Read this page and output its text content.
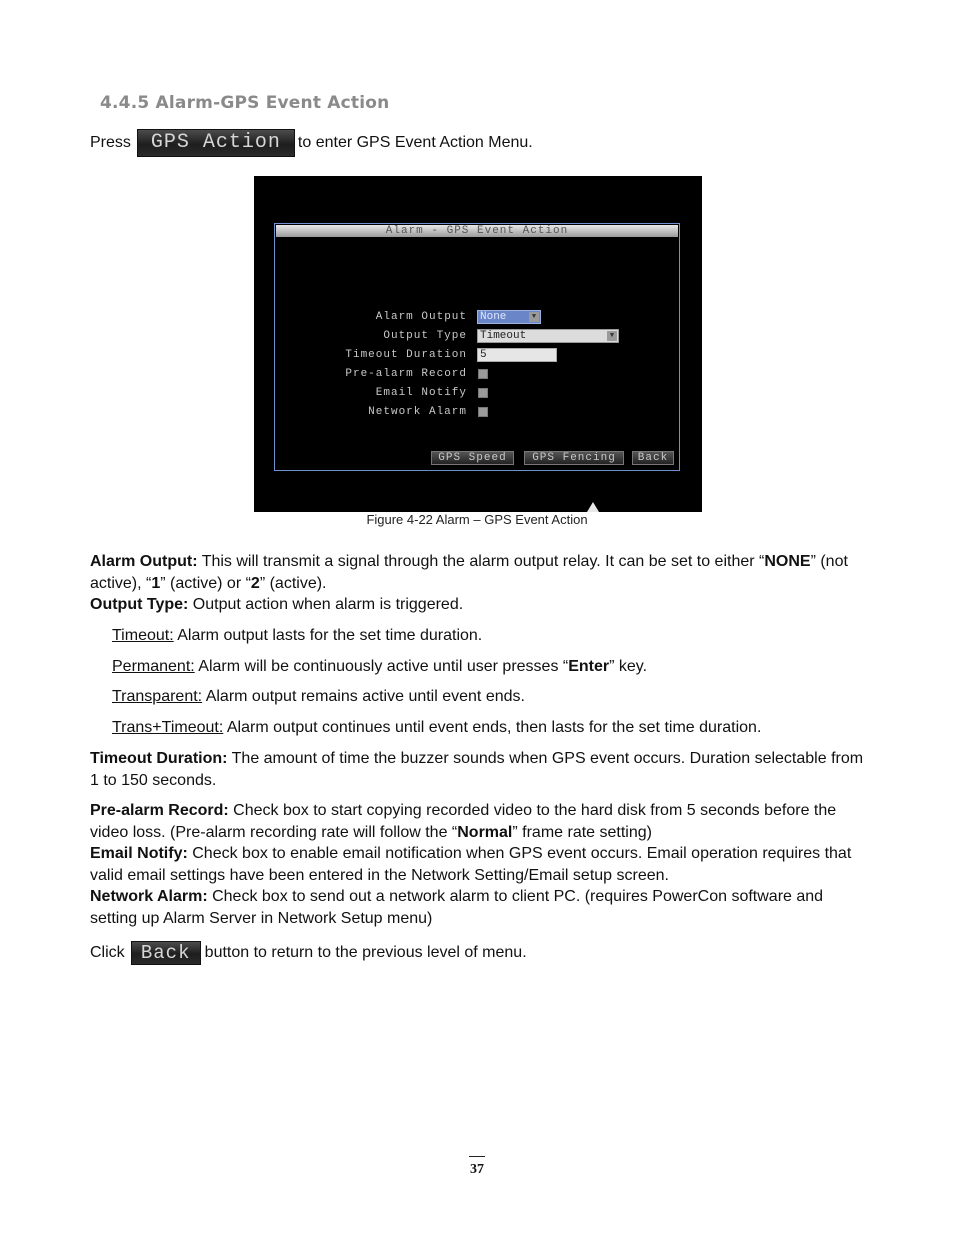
4.4.5 Alarm-GPS Event Action
Press GPS Action	to enter GPS Event Action Menu.
Alarm - GPS Event Action
Alarm Output None	▼
Output Type Timeout	▼
Timeout Duration 5
Pre-alarm Record
Email Notify
Network Alarm
GPS Speed	GPS Fencing	Back
Figure 4-22 Alarm – GPS Event Action
Alarm Output: This will transmit a signal through the alarm output relay. It can be set to either “NONE” (not active), “1” (active) or “2” (active).
Output Type: Output action when alarm is triggered.
Timeout: Alarm output lasts for the set time duration.
Permanent: Alarm will be continuously active until user presses “Enter” key.
Transparent: Alarm output remains active until event ends.
Trans+Timeout: Alarm output continues until event ends, then lasts for the set time duration.
Timeout Duration: The amount of time the buzzer sounds when GPS event occurs. Duration selectable from 1 to 150 seconds.
Pre-alarm Record: Check box to start copying recorded video to the hard disk from 5 seconds before the video loss. (Pre-alarm recording rate will follow the “Normal” frame rate setting)
Email Notify: Check box to enable email notification when GPS event occurs. Email operation requires that valid email settings have been entered in the Network Setting/Email setup screen.
Network Alarm: Check box to send out a network alarm to client PC. (requires PowerCon software and setting up Alarm Server in Network Setup menu)
Click Back button to return to the previous level of menu.
37
